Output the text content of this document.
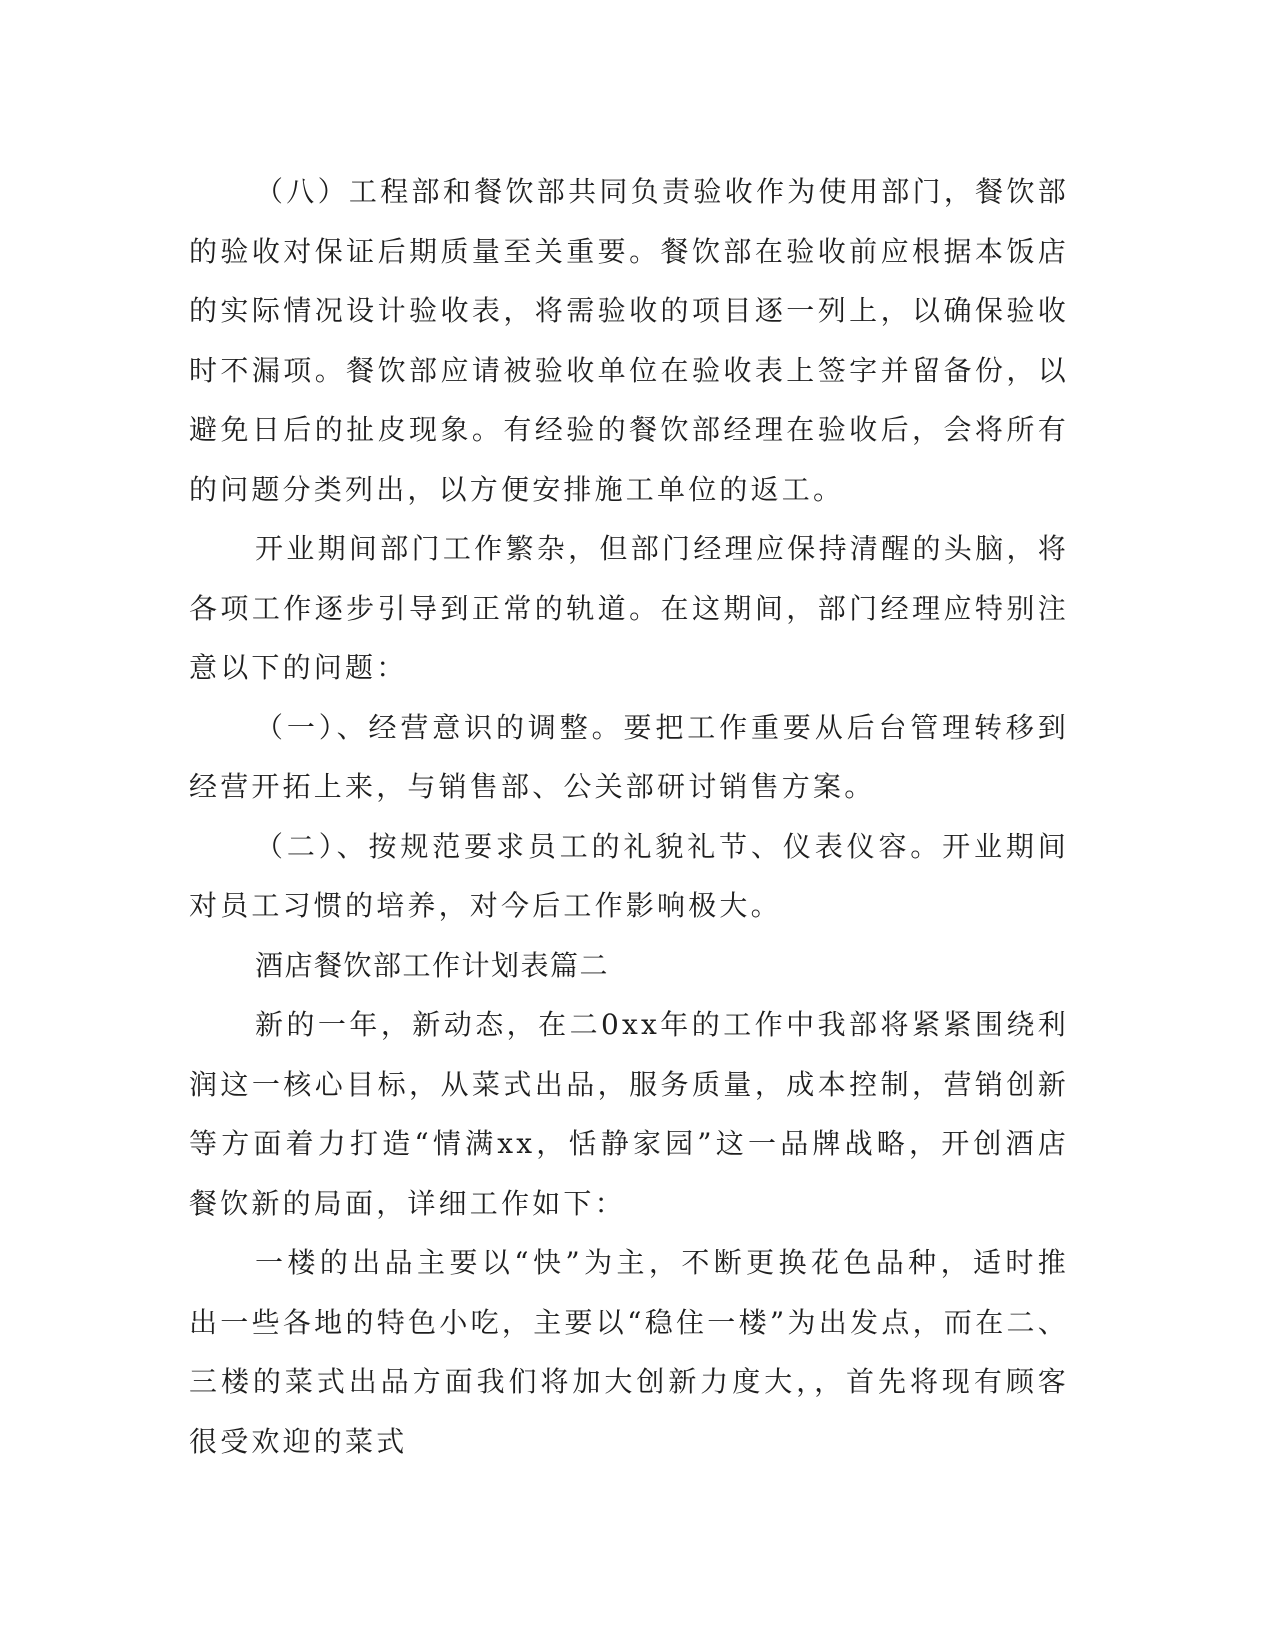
（八）工程部和餐饮部共同负责验收作为使用部门，餐饮部的验收对保证后期质量至关重要。餐饮部在验收前应根据本饭店的实际情况设计验收表，将需验收的项目逐一列上，以确保验收时不漏项。餐饮部应请被验收单位在验收表上签字并留备份，以避免日后的扯皮现象。有经验的餐饮部经理在验收后，会将所有的问题分类列出，以方便安排施工单位的返工。

开业期间部门工作繁杂，但部门经理应保持清醒的头脑，将各项工作逐步引导到正常的轨道。在这期间，部门经理应特别注意以下的问题：

（一）、经营意识的调整。要把工作重要从后台管理转移到经营开拓上来，与销售部、公关部研讨销售方案。

（二）、按规范要求员工的礼貌礼节、仪表仪容。开业期间对员工习惯的培养，对今后工作影响极大。

酒店餐饮部工作计划表篇二

新的一年，新动态，在二0xx年的工作中我部将紧紧围绕利润这一核心目标，从菜式出品，服务质量，成本控制，营销创新等方面着力打造“情满xx，恬静家园”这一品牌战略，开创酒店餐饮新的局面，详细工作如下：

一楼的出品主要以“快”为主，不断更换花色品种，适时推出一些各地的特色小吃，主要以“稳住一楼”为出发点，而在二、三楼的菜式出品方面我们将加大创新力度大，，首先将现有顾客很受欢迎的菜式
